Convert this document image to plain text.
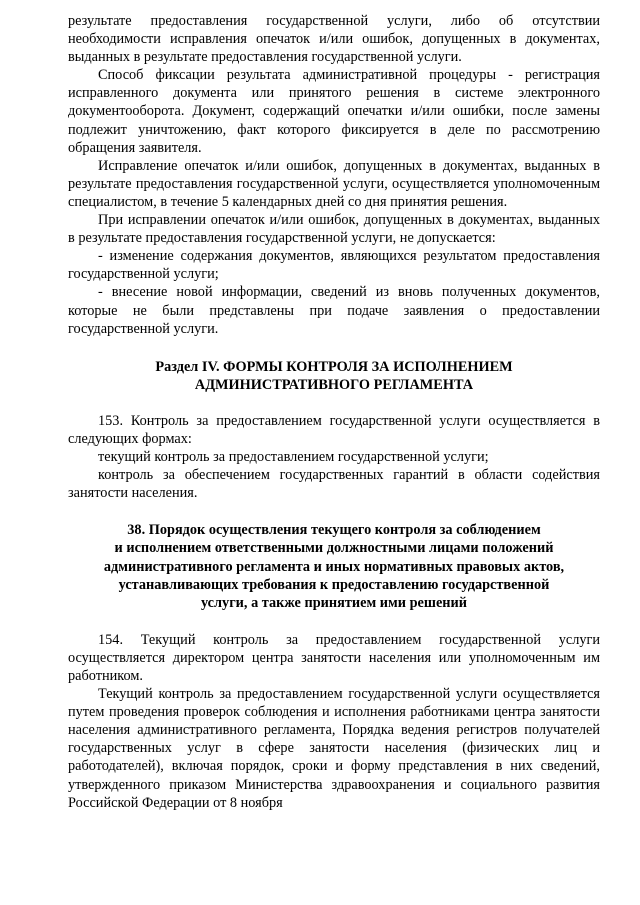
результате предоставления государственной услуги, либо об отсутствии необходимости исправления опечаток и/или ошибок, допущенных в документах, выданных в результате предоставления государственной услуги.

Способ фиксации результата административной процедуры - регистрация исправленного документа или принятого решения в системе электронного документооборота. Документ, содержащий опечатки и/или ошибки, после замены подлежит уничтожению, факт которого фиксируется в деле по рассмотрению обращения заявителя.

Исправление опечаток и/или ошибок, допущенных в документах, выданных в результате предоставления государственной услуги, осуществляется уполномоченным специалистом, в течение 5 календарных дней со дня принятия решения.

При исправлении опечаток и/или ошибок, допущенных в документах, выданных в результате предоставления государственной услуги, не допускается:

- изменение содержания документов, являющихся результатом предоставления государственной услуги;

- внесение новой информации, сведений из вновь полученных документов, которые не были представлены при подаче заявления о предоставлении государственной услуги.

Раздел IV. ФОРМЫ КОНТРОЛЯ ЗА ИСПОЛНЕНИЕМ
АДМИНИСТРАТИВНОГО РЕГЛАМЕНТА

153. Контроль за предоставлением государственной услуги осуществляется в следующих формах:

текущий контроль за предоставлением государственной услуги;

контроль за обеспечением государственных гарантий в области содействия занятости населения.

38. Порядок осуществления текущего контроля за соблюдением
и исполнением ответственными должностными лицами положений
административного регламента и иных нормативных правовых актов,
устанавливающих требования к предоставлению государственной
услуги, а также принятием ими решений

154. Текущий контроль за предоставлением государственной услуги осуществляется директором центра занятости населения или уполномоченным им работником.

Текущий контроль за предоставлением государственной услуги осуществляется путем проведения проверок соблюдения и исполнения работниками центра занятости населения административного регламента, Порядка ведения регистров получателей государственных услуг в сфере занятости населения (физических лиц и работодателей), включая порядок, сроки и форму представления в них сведений, утвержденного приказом Министерства здравоохранения и социального развития Российской Федерации от 8 ноября
